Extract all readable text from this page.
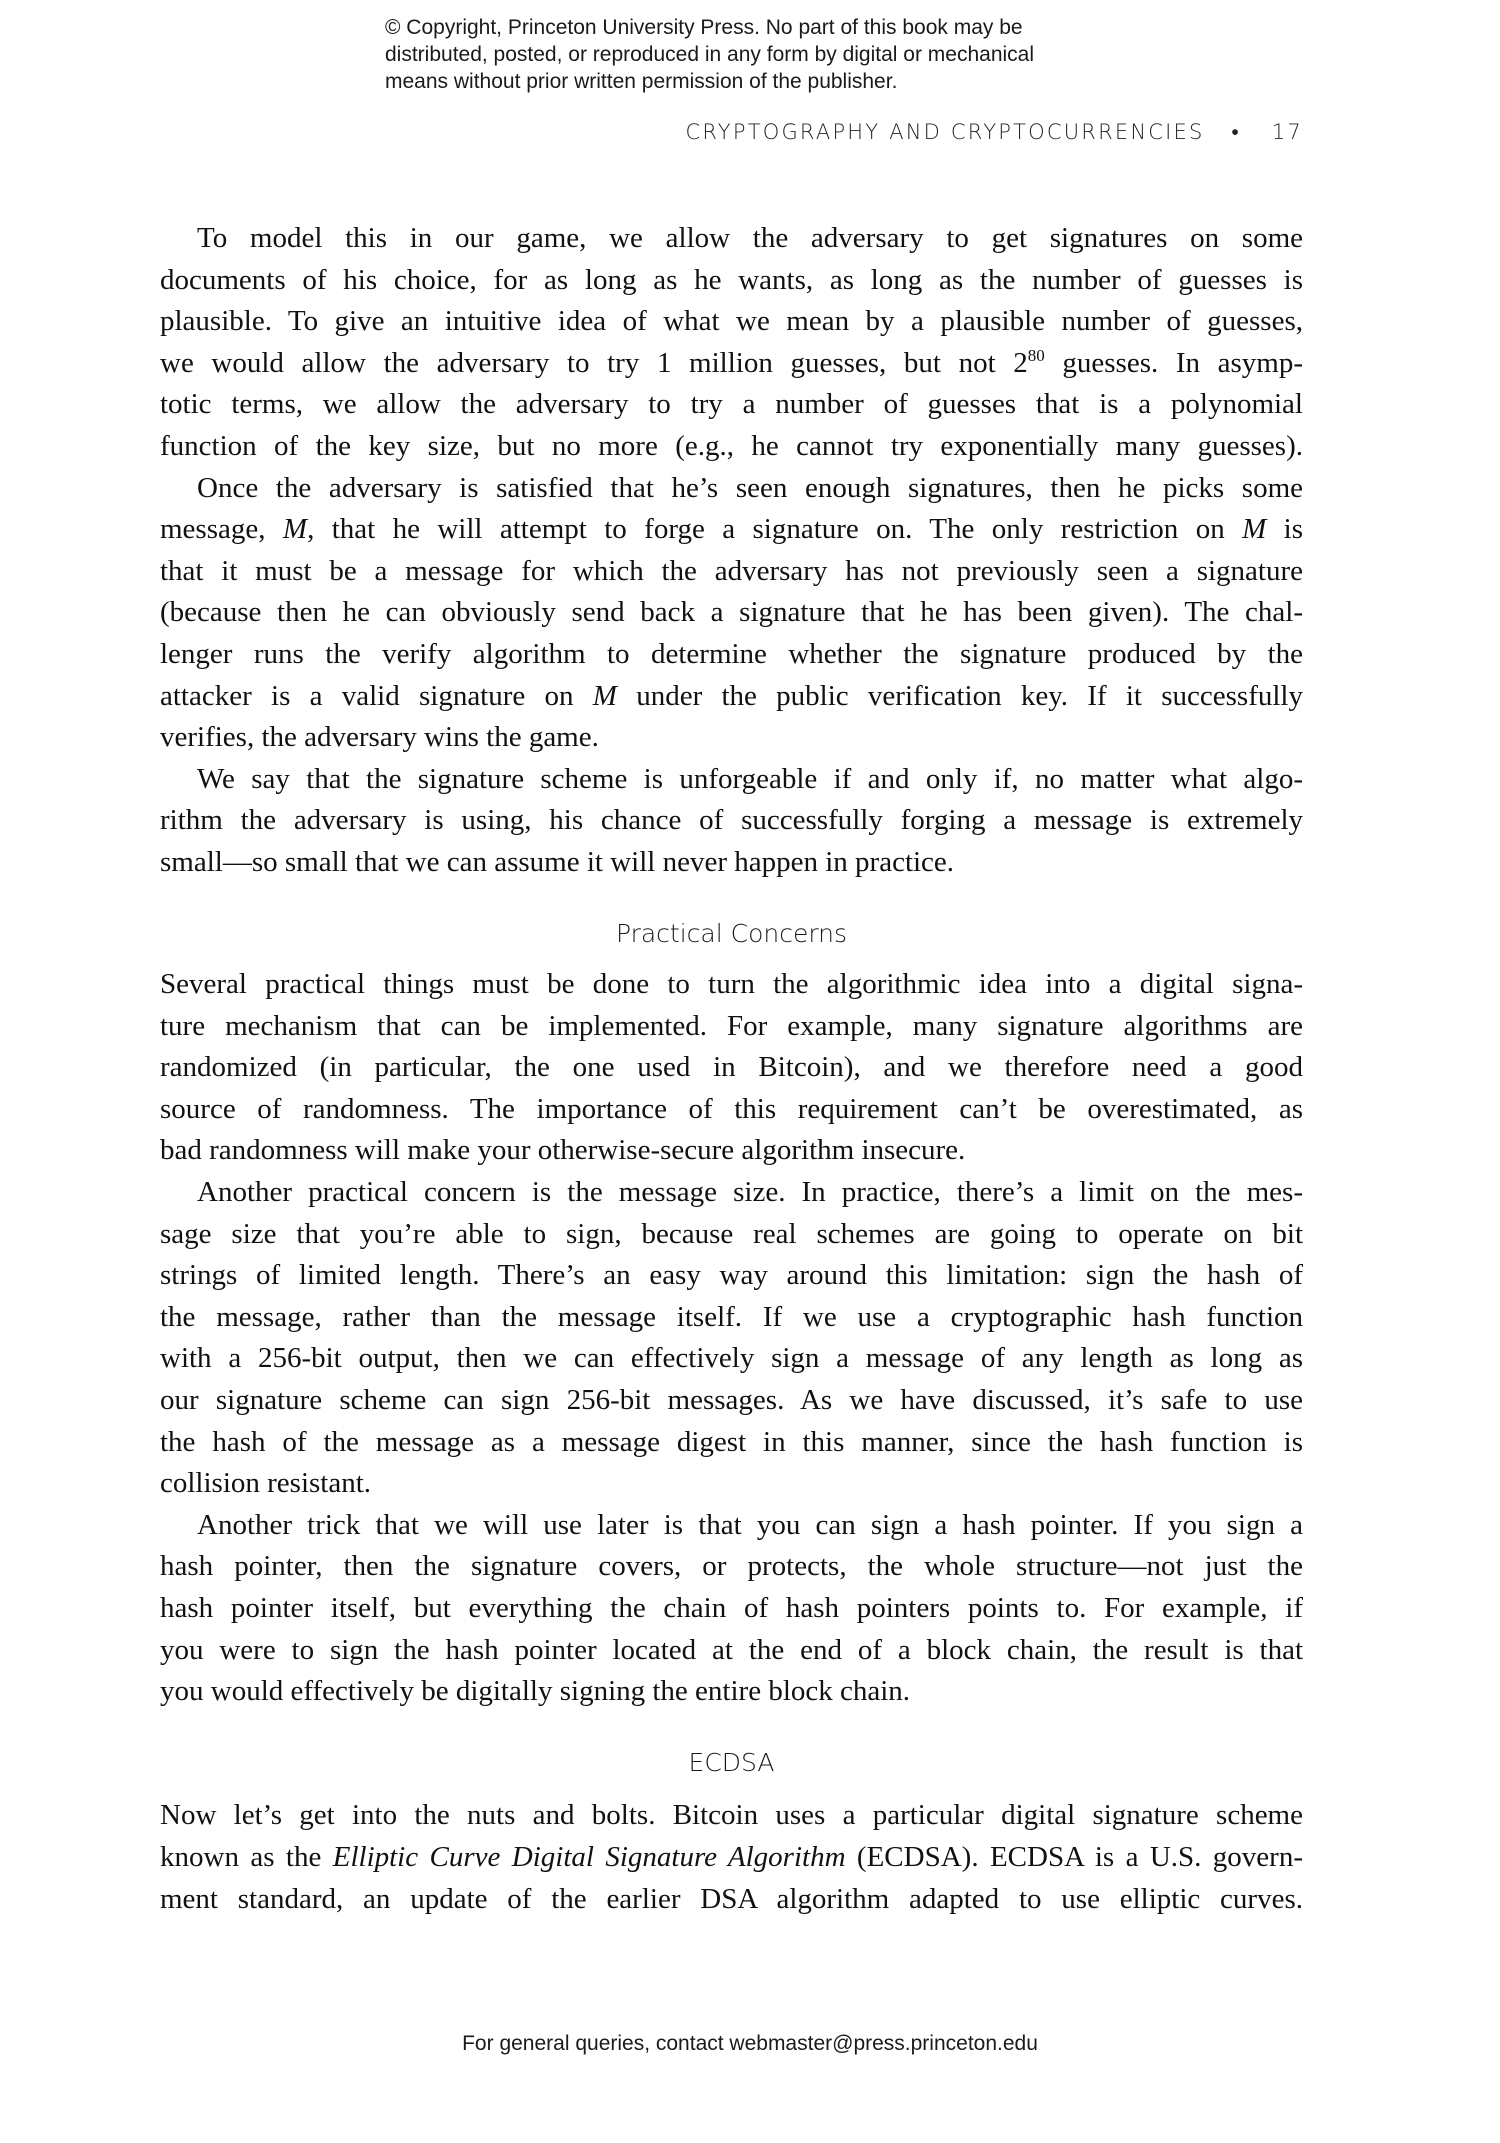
© Copyright, Princeton University Press. No part of this book may be
distributed, posted, or reproduced in any form by digital or mechanical
means without prior written permission of the publisher.
CRYPTOGRAPHY AND CRYPTOCURRENCIES • 17
To model this in our game, we allow the adversary to get signatures on some
documents of his choice, for as long as he wants, as long as the number of guesses is
plausible. To give an intuitive idea of what we mean by a plausible number of guesses,
we would allow the adversary to try 1 million guesses, but not $2^{80}$ guesses. In asymp-
totic terms, we allow the adversary to try a number of guesses that is a polynomial
function of the key size, but no more (e.g., he cannot try exponentially many guesses).
Once the adversary is satisfied that he’s seen enough signatures, then he picks some
message, M, that he will attempt to forge a signature on. The only restriction on M is
that it must be a message for which the adversary has not previously seen a signature
(because then he can obviously send back a signature that he has been given). The chal-
lenger runs the verify algorithm to determine whether the signature produced by the
attacker is a valid signature on M under the public verification key. If it successfully
verifies, the adversary wins the game.
We say that the signature scheme is unforgeable if and only if, no matter what algo-
rithm the adversary is using, his chance of successfully forging a message is extremely
small—so small that we can assume it will never happen in practice.
Practical Concerns
Several practical things must be done to turn the algorithmic idea into a digital signa-
ture mechanism that can be implemented. For example, many signature algorithms are
randomized (in particular, the one used in Bitcoin), and we therefore need a good
source of randomness. The importance of this requirement can’t be overestimated, as
bad randomness will make your otherwise-secure algorithm insecure.
Another practical concern is the message size. In practice, there’s a limit on the mes-
sage size that you’re able to sign, because real schemes are going to operate on bit
strings of limited length. There’s an easy way around this limitation: sign the hash of
the message, rather than the message itself. If we use a cryptographic hash function
with a 256-bit output, then we can effectively sign a message of any length as long as
our signature scheme can sign 256-bit messages. As we have discussed, it’s safe to use
the hash of the message as a message digest in this manner, since the hash function is
collision resistant.
Another trick that we will use later is that you can sign a hash pointer. If you sign a
hash pointer, then the signature covers, or protects, the whole structure—not just the
hash pointer itself, but everything the chain of hash pointers points to. For example, if
you were to sign the hash pointer located at the end of a block chain, the result is that
you would effectively be digitally signing the entire block chain.
ECDSA
Now let’s get into the nuts and bolts. Bitcoin uses a particular digital signature scheme
known as the Elliptic Curve Digital Signature Algorithm (ECDSA). ECDSA is a U.S. govern-
ment standard, an update of the earlier DSA algorithm adapted to use elliptic curves.
For general queries, contact webmaster@press.princeton.edu
